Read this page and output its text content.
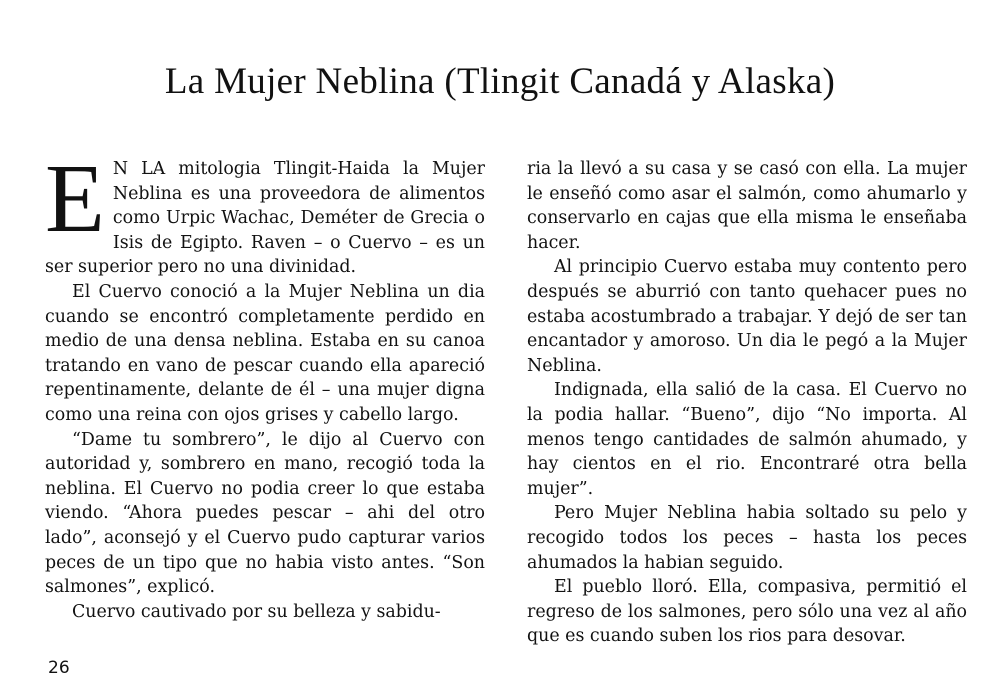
La Mujer Neblina (Tlingit Canadá y Alaska)

E N LA mitologia Tlingit-Haida la Mujer Neblina es una proveedora de alimentos como Urpic Wachac, Deméter de Grecia o Isis de Egipto. Raven – o Cuervo – es un ser superior pero no una divinidad.

El Cuervo conoció a la Mujer Neblina un dia cuando se encontró completamente perdido en medio de una densa neblina. Estaba en su canoa tratando en vano de pescar cuando ella apareció repentinamente, delante de él – una mujer digna como una reina con ojos grises y cabello largo.

“Dame tu sombrero”, le dijo al Cuervo con autoridad y, sombrero en mano, recogió toda la neblina. El Cuervo no podia creer lo que estaba viendo. “Ahora puedes pescar – ahi del otro lado”, aconsejó y el Cuervo pudo capturar varios peces de un tipo que no habia visto antes. “Son salmones”, explicó.

Cuervo cautivado por su belleza y sabidu-

ria la llevó a su casa y se casó con ella. La mujer le enseñó como asar el salmón, como ahumarlo y conservarlo en cajas que ella misma le enseñaba hacer.

Al principio Cuervo estaba muy contento pero después se aburrió con tanto quehacer pues no estaba acostumbrado a trabajar. Y dejó de ser tan encantador y amoroso. Un dia le pegó a la Mujer Neblina.

Indignada, ella salió de la casa. El Cuervo no la podia hallar. “Bueno”, dijo “No importa. Al menos tengo cantidades de salmón ahumado, y hay cientos en el rio. Encontraré otra bella mujer”.

Pero Mujer Neblina habia soltado su pelo y recogido todos los peces – hasta los peces ahumados la habian seguido.

El pueblo lloró. Ella, compasiva, permitió el regreso de los salmones, pero sólo una vez al año que es cuando suben los rios para desovar.

26
